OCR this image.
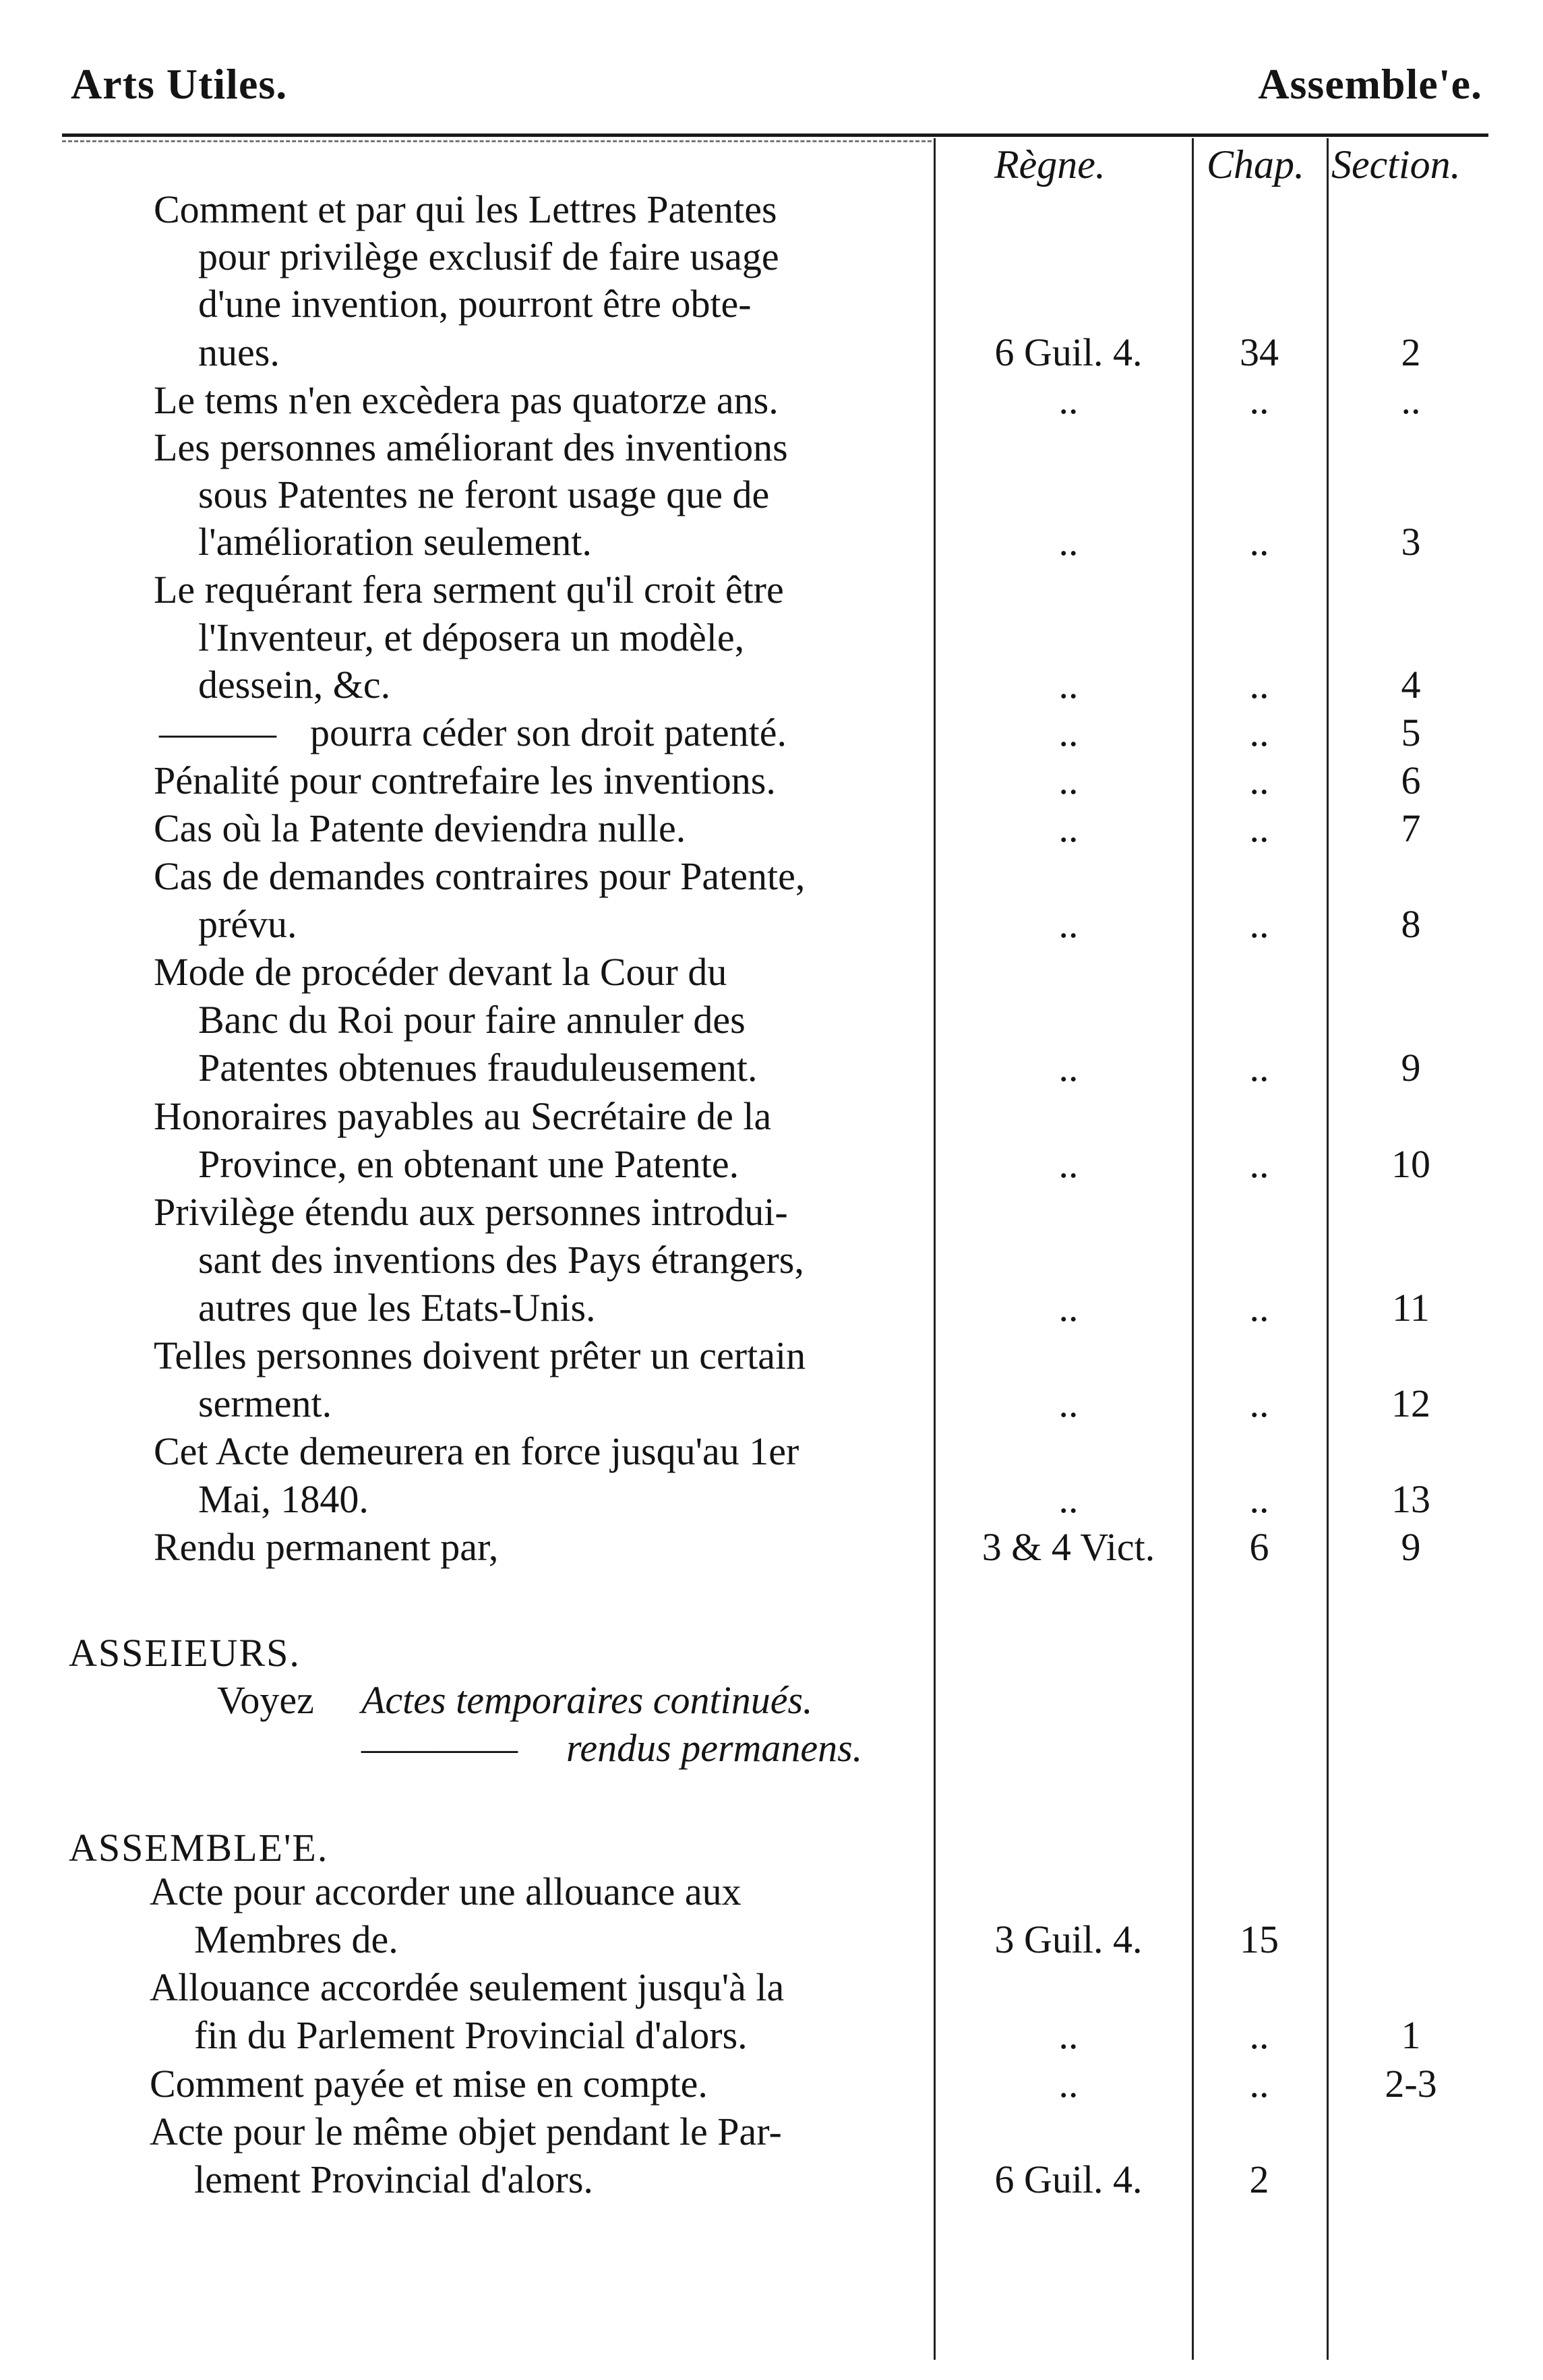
Arts Utiles.	Assemble'e.
Règne.	Chap. Section.
Comment et par qui les Lettres Patentes
pour privilège exclusif de faire usage
d'une invention, pourront être obte-
nues.	6 Guil. 4.	34	2
Le tems n'en excèdera pas quatorze ans.	..	..	..
Les personnes améliorant des inventions
sous Patentes ne feront usage que de
l'amélioration seulement.	..	..	3
Le requérant fera serment qu'il croit être
l'Inventeur, et déposera un modèle,
dessein, &c.	..	..	4
——— pourra céder son droit patenté.	..	..	5
Pénalité pour contrefaire les inventions.	..	..	6
Cas où la Patente deviendra nulle.	..	..	7
Cas de demandes contraires pour Patente,
prévu.	..	..	8
Mode de procéder devant la Cour du
Banc du Roi pour faire annuler des
Patentes obtenues frauduleusement.	..	..	9
Honoraires payables au Secrétaire de la
Province, en obtenant une Patente.	..	..	10
Privilège étendu aux personnes introdui-
sant des inventions des Pays étrangers,
autres que les Etats-Unis.	..	..	11
Telles personnes doivent prêter un certain
serment.	..	..	12
Cet Acte demeurera en force jusqu'au 1er
Mai, 1840.	..	..	13
Rendu permanent par,	3 & 4 Vict.	6	9
ASSEIEURS.
Voyez Actes temporaires continués.
———— rendus permanens.
ASSEMBLE'E.
Acte pour accorder une allouance aux
Membres de.	3 Guil. 4.	15
Allouance accordée seulement jusqu'à la
fin du Parlement Provincial d'alors.	..	..	1
Comment payée et mise en compte.	..	..	2-3
Acte pour le même objet pendant le Par-
lement Provincial d'alors.	6 Guil. 4.	2
